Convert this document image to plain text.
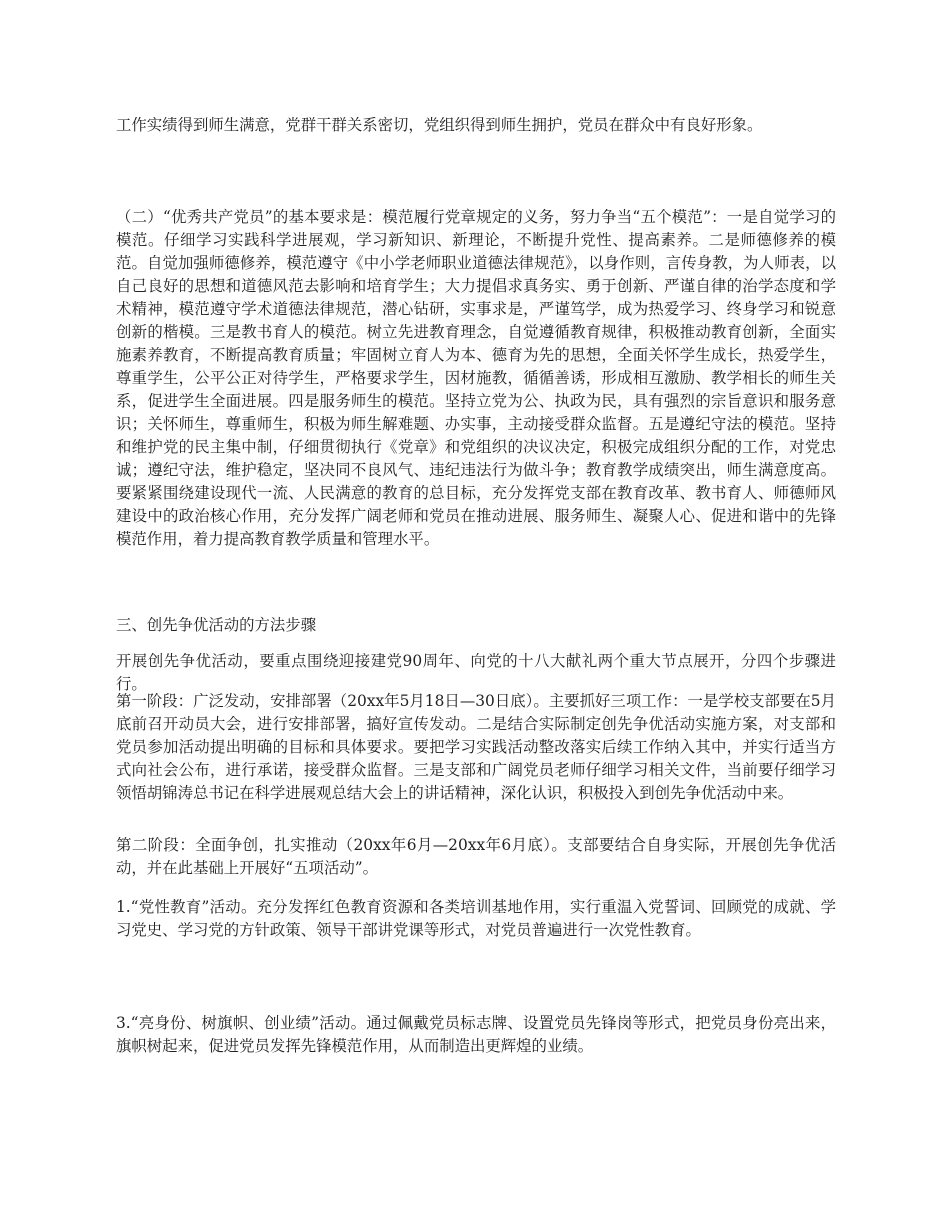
工作实绩得到师生满意，党群干群关系密切，党组织得到师生拥护，党员在群众中有良好形象。

（二）“优秀共产党员”的基本要求是：模范履行党章规定的义务，努力争当“五个模范”：一是自觉学习的模范。仔细学习实践科学进展观，学习新知识、新理论，不断提升党性、提高素养。二是师德修养的模范。自觉加强师德修养，模范遵守《中小学老师职业道德法律规范》，以身作则，言传身教，为人师表，以自己良好的思想和道德风范去影响和培育学生；大力提倡求真务实、勇于创新、严谨自律的治学态度和学术精神，模范遵守学术道德法律规范，潜心钻研，实事求是，严谨笃学，成为热爱学习、终身学习和锐意创新的楷模。三是教书育人的模范。树立先进教育理念，自觉遵循教育规律，积极推动教育创新，全面实施素养教育，不断提高教育质量；牢固树立育人为本、德育为先的思想，全面关怀学生成长，热爱学生，尊重学生，公平公正对待学生，严格要求学生，因材施教，循循善诱，形成相互激励、教学相长的师生关系，促进学生全面进展。四是服务师生的模范。坚持立党为公、执政为民，具有强烈的宗旨意识和服务意识；关怀师生，尊重师生，积极为师生解难题、办实事，主动接受群众监督。五是遵纪守法的模范。坚持和维护党的民主集中制，仔细贯彻执行《党章》和党组织的决议决定，积极完成组织分配的工作，对党忠诚；遵纪守法，维护稳定，坚决同不良风气、违纪违法行为做斗争；教育教学成绩突出，师生满意度高。要紧紧围绕建设现代一流、人民满意的教育的总目标，充分发挥党支部在教育改革、教书育人、师德师风建设中的政治核心作用，充分发挥广阔老师和党员在推动进展、服务师生、凝聚人心、促进和谐中的先锋模范作用，着力提高教育教学质量和管理水平。

三、创先争优活动的方法步骤

开展创先争优活动，要重点围绕迎接建党90周年、向党的十八大献礼两个重大节点展开，分四个步骤进行。

第一阶段：广泛发动，安排部署（20xx年5月18日—30日底）。主要抓好三项工作：一是学校支部要在5月底前召开动员大会，进行安排部署，搞好宣传发动。二是结合实际制定创先争优活动实施方案，对支部和党员参加活动提出明确的目标和具体要求。要把学习实践活动整改落实后续工作纳入其中，并实行适当方式向社会公布，进行承诺，接受群众监督。三是支部和广阔党员老师仔细学习相关文件，当前要仔细学习领悟胡锦涛总书记在科学进展观总结大会上的讲话精神，深化认识，积极投入到创先争优活动中来。

第二阶段：全面争创，扎实推动（20xx年6月—20xx年6月底）。支部要结合自身实际，开展创先争优活动，并在此基础上开展好“五项活动”。

1.“党性教育”活动。充分发挥红色教育资源和各类培训基地作用，实行重温入党誓词、回顾党的成就、学习党史、学习党的方针政策、领导干部讲党课等形式，对党员普遍进行一次党性教育。

3.“亮身份、树旗帜、创业绩”活动。通过佩戴党员标志牌、设置党员先锋岗等形式，把党员身份亮出来，旗帜树起来，促进党员发挥先锋模范作用，从而制造出更辉煌的业绩。
